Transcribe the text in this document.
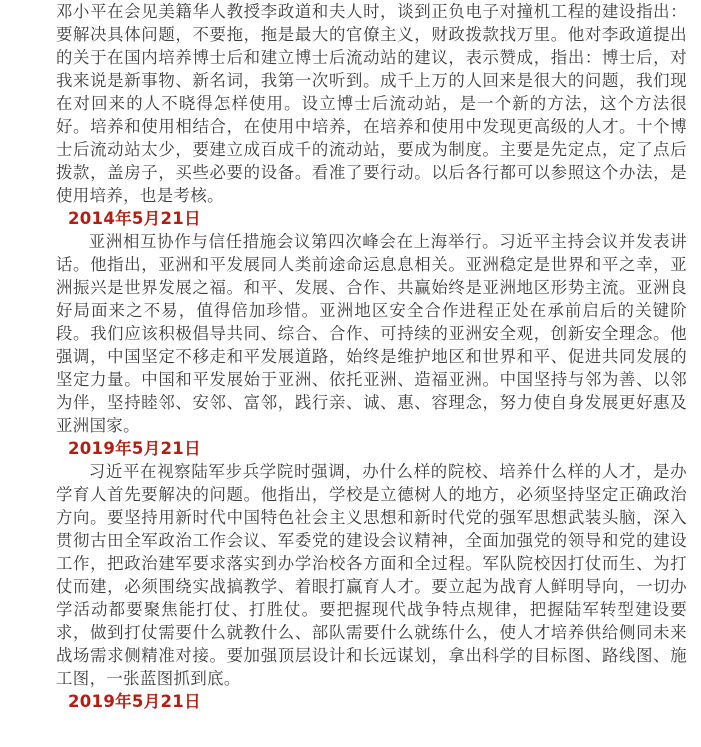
邓小平在会见美籍华人教授李政道和夫人时，谈到正负电子对撞机工程的建设指出：要解决具体问题，不要拖，拖是最大的官僚主义，财政拨款找万里。他对李政道提出的关于在国内培养博士后和建立博士后流动站的建议，表示赞成，指出：博士后，对我来说是新事物、新名词，我第一次听到。成千上万的人回来是很大的问题，我们现在对回来的人不晓得怎样使用。设立博士后流动站，是一个新的方法，这个方法很好。培养和使用相结合，在使用中培养，在培养和使用中发现更高级的人才。十个博士后流动站太少，要建立成百成千的流动站，要成为制度。主要是先定点，定了点后拨款，盖房子，买些必要的设备。看准了要行动。以后各行都可以参照这个办法，是使用培养，也是考核。

2014年5月21日

亚洲相互协作与信任措施会议第四次峰会在上海举行。习近平主持会议并发表讲话。他指出，亚洲和平发展同人类前途命运息息相关。亚洲稳定是世界和平之幸，亚洲振兴是世界发展之福。和平、发展、合作、共赢始终是亚洲地区形势主流。亚洲良好局面来之不易，值得倍加珍惜。亚洲地区安全合作进程正处在承前启后的关键阶段。我们应该积极倡导共同、综合、合作、可持续的亚洲安全观，创新安全理念。他强调，中国坚定不移走和平发展道路，始终是维护地区和世界和平、促进共同发展的坚定力量。中国和平发展始于亚洲、依托亚洲、造福亚洲。中国坚持与邻为善、以邻为伴，坚持睦邻、安邻、富邻，践行亲、诚、惠、容理念，努力使自身发展更好惠及亚洲国家。

2019年5月21日

习近平在视察陆军步兵学院时强调，办什么样的院校、培养什么样的人才，是办学育人首先要解决的问题。他指出，学校是立德树人的地方，必须坚持坚定正确政治方向。要坚持用新时代中国特色社会主义思想和新时代党的强军思想武装头脑，深入贯彻古田全军政治工作会议、军委党的建设会议精神，全面加强党的领导和党的建设工作，把政治建军要求落实到办学治校各方面和全过程。军队院校因打仗而生、为打仗而建，必须围绕实战搞教学、着眼打赢育人才。要立起为战育人鲜明导向，一切办学活动都要聚焦能打仗、打胜仗。要把握现代战争特点规律，把握陆军转型建设要求，做到打仗需要什么就教什么、部队需要什么就练什么，使人才培养供给侧同未来战场需求侧精准对接。要加强顶层设计和长远谋划，拿出科学的目标图、路线图、施工图，一张蓝图抓到底。

2019年5月21日
